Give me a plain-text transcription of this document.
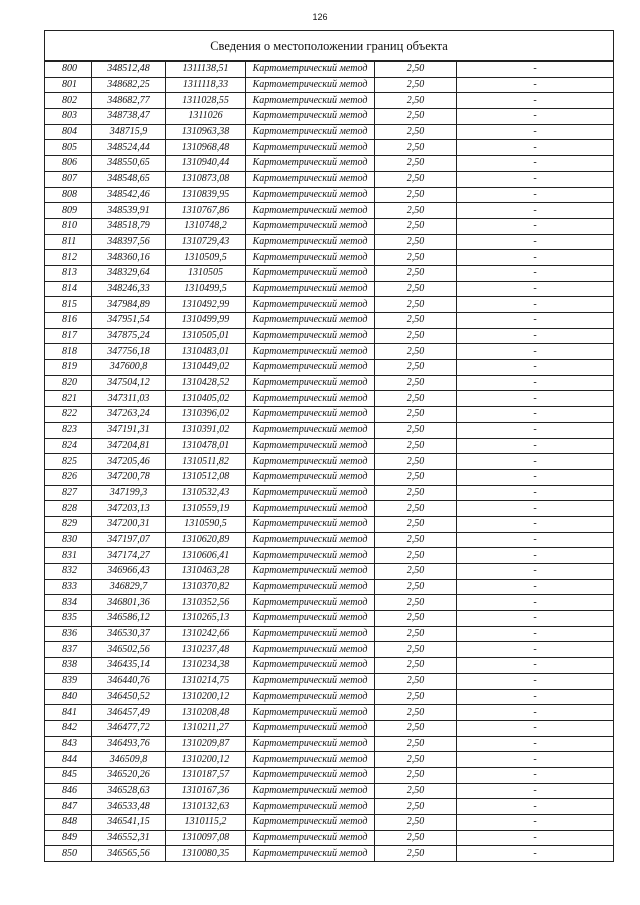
126
Сведения о местоположении границ объекта					
800	348512,48	1311138,51	Картометрический метод	2,50	-
801	348682,25	1311118,33	Картометрический метод	2,50	-
802	348682,77	1311028,55	Картометрический метод	2,50	-
803	348738,47	1311026	Картометрический метод	2,50	-
804	348715,9	1310963,38	Картометрический метод	2,50	-
805	348524,44	1310968,48	Картометрический метод	2,50	-
806	348550,65	1310940,44	Картометрический метод	2,50	-
807	348548,65	1310873,08	Картометрический метод	2,50	-
808	348542,46	1310839,95	Картометрический метод	2,50	-
809	348539,91	1310767,86	Картометрический метод	2,50	-
810	348518,79	1310748,2	Картометрический метод	2,50	-
811	348397,56	1310729,43	Картометрический метод	2,50	-
812	348360,16	1310509,5	Картометрический метод	2,50	-
813	348329,64	1310505	Картометрический метод	2,50	-
814	348246,33	1310499,5	Картометрический метод	2,50	-
815	347984,89	1310492,99	Картометрический метод	2,50	-
816	347951,54	1310499,99	Картометрический метод	2,50	-
817	347875,24	1310505,01	Картометрический метод	2,50	-
818	347756,18	1310483,01	Картометрический метод	2,50	-
819	347600,8	1310449,02	Картометрический метод	2,50	-
820	347504,12	1310428,52	Картометрический метод	2,50	-
821	347311,03	1310405,02	Картометрический метод	2,50	-
822	347263,24	1310396,02	Картометрический метод	2,50	-
823	347191,31	1310391,02	Картометрический метод	2,50	-
824	347204,81	1310478,01	Картометрический метод	2,50	-
825	347205,46	1310511,82	Картометрический метод	2,50	-
826	347200,78	1310512,08	Картометрический метод	2,50	-
827	347199,3	1310532,43	Картометрический метод	2,50	-
828	347203,13	1310559,19	Картометрический метод	2,50	-
829	347200,31	1310590,5	Картометрический метод	2,50	-
830	347197,07	1310620,89	Картометрический метод	2,50	-
831	347174,27	1310606,41	Картометрический метод	2,50	-
832	346966,43	1310463,28	Картометрический метод	2,50	-
833	346829,7	1310370,82	Картометрический метод	2,50	-
834	346801,36	1310352,56	Картометрический метод	2,50	-
835	346586,12	1310265,13	Картометрический метод	2,50	-
836	346530,37	1310242,66	Картометрический метод	2,50	-
837	346502,56	1310237,48	Картометрический метод	2,50	-
838	346435,14	1310234,38	Картометрический метод	2,50	-
839	346440,76	1310214,75	Картометрический метод	2,50	-
840	346450,52	1310200,12	Картометрический метод	2,50	-
841	346457,49	1310208,48	Картометрический метод	2,50	-
842	346477,72	1310211,27	Картометрический метод	2,50	-
843	346493,76	1310209,87	Картометрический метод	2,50	-
844	346509,8	1310200,12	Картометрический метод	2,50	-
845	346520,26	1310187,57	Картометрический метод	2,50	-
846	346528,63	1310167,36	Картометрический метод	2,50	-
847	346533,48	1310132,63	Картометрический метод	2,50	-
848	346541,15	1310115,2	Картометрический метод	2,50	-
849	346552,31	1310097,08	Картометрический метод	2,50	-
850	346565,56	1310080,35	Картометрический метод	2,50	-
